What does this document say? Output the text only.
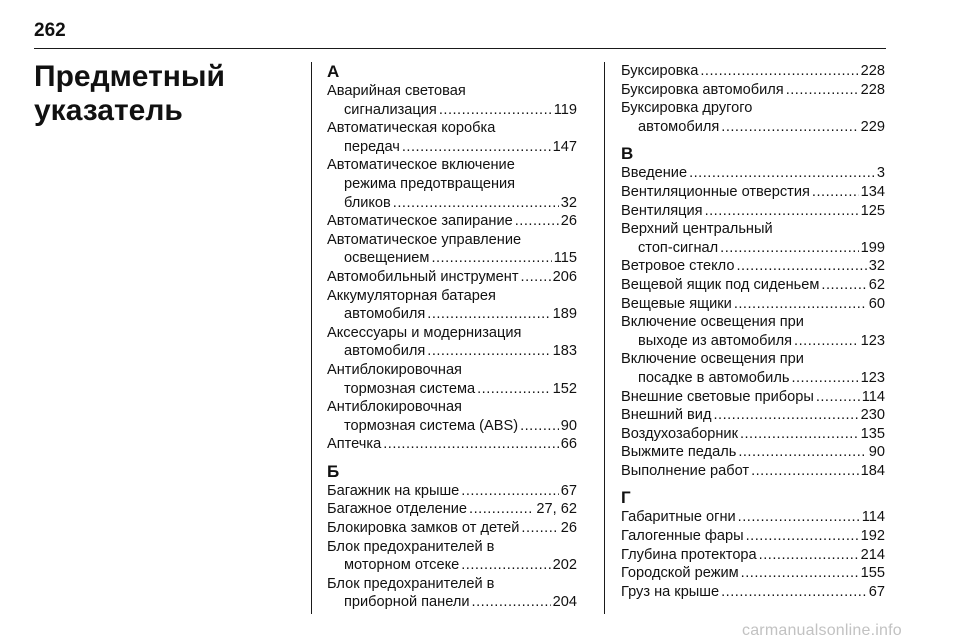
262
Предметный указатель
А
Аварийная световая
сигнализация .....	119
Автоматическая коробка
передач .....	147
Автоматическое включение
режима предотвращения
бликов .....	32
Автоматическое запирание .....	26
Автоматическое управление
освещением .....	115
Автомобильный инструмент ..... 206
Аккумуляторная батарея
автомобиля .....	189
Аксессуары и модернизация
автомобиля .....	183
Антиблокировочная
тормозная система .....	152
Антиблокировочная
тормозная система (ABS) .....	90
Аптечка .....	66
Б
Багажник на крыше .....	67
Багажное отделение .....	27, 62
Блокировка замков от детей .....	26
Блок предохранителей в
моторном отсеке .....	202
Блок предохранителей в
приборной панели .....	204
Буксировка .....	228
Буксировка автомобиля .....	228
Буксировка другого
автомобиля .....	229
В
Введение .....	3
Вентиляционные отверстия .....	134
Вентиляция .....	125
Верхний центральный
стоп-сигнал .....	199
Ветровое стекло .....	32
Вещевой ящик под сиденьем .....	62
Вещевые ящики .....	60
Включение освещения при
выходе из автомобиля .....	123
Включение освещения при
посадке в автомобиль .....	123
Внешние световые приборы .....	114
Внешний вид .....	230
Воздухозаборник .....	135
Выжмите педаль .....	90
Выполнение работ .....	184
Г
Габаритные огни .....	114
Галогенные фары .....	192
Глубина протектора .....	214
Городской режим .....	155
Груз на крыше .....	67
carmanualsonline.info
